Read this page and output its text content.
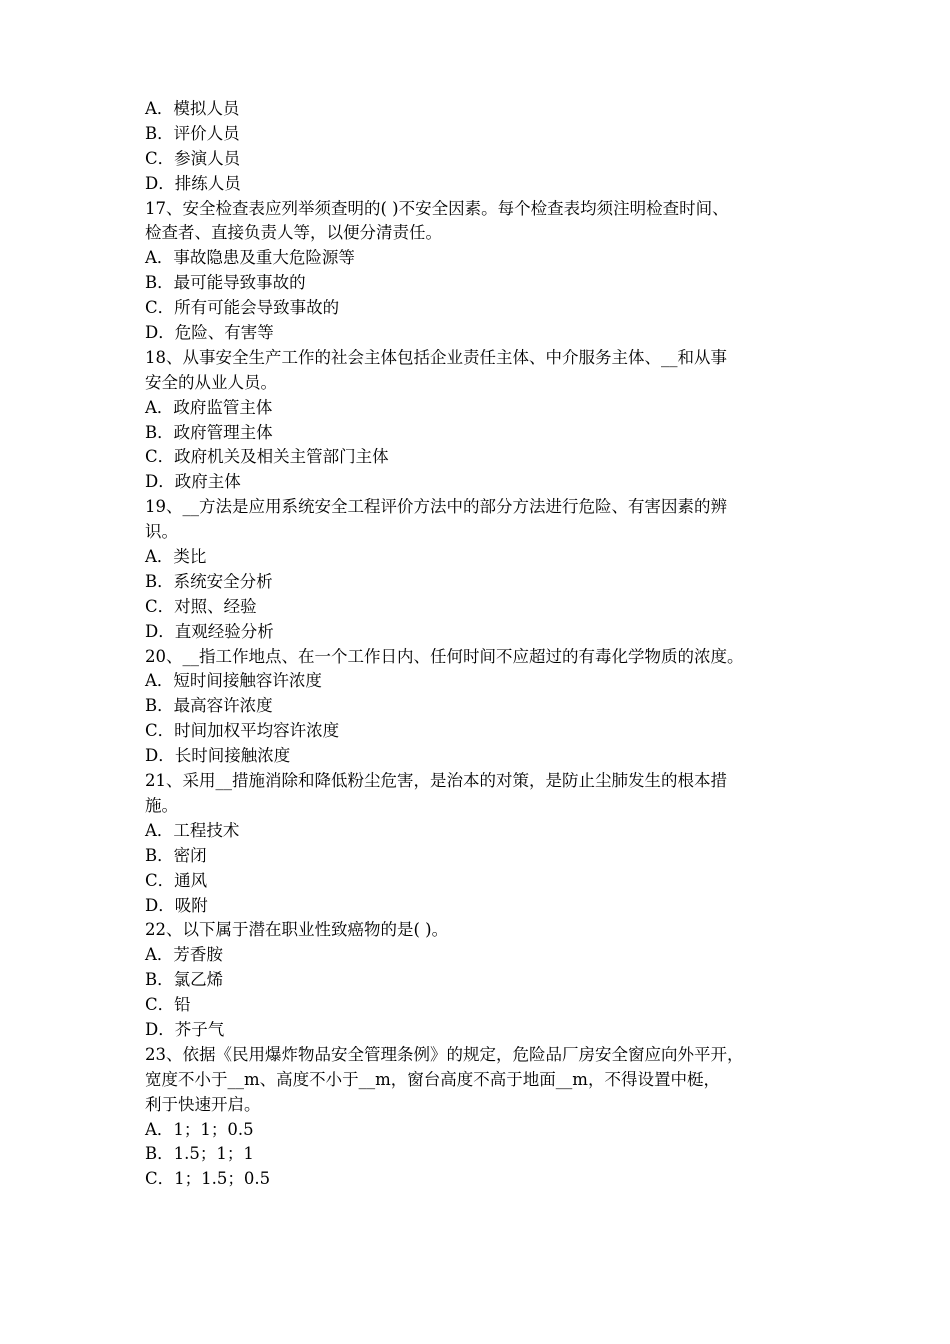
A．模拟人员
B．评价人员
C．参演人员
D．排练人员
17、安全检查表应列举须查明的( )不安全因素。每个检查表均须注明检查时间、
检查者、直接负责人等，以便分清责任。
A．事故隐患及重大危险源等
B．最可能导致事故的
C．所有可能会导致事故的
D．危险、有害等
18、从事安全生产工作的社会主体包括企业责任主体、中介服务主体、__和从事
安全的从业人员。
A．政府监管主体
B．政府管理主体
C．政府机关及相关主管部门主体
D．政府主体
19、__方法是应用系统安全工程评价方法中的部分方法进行危险、有害因素的辨
识。
A．类比
B．系统安全分析
C．对照、经验
D．直观经验分析
20、__指工作地点、在一个工作日内、任何时间不应超过的有毒化学物质的浓度。
A．短时间接触容许浓度
B．最高容许浓度
C．时间加权平均容许浓度
D．长时间接触浓度
21、采用__措施消除和降低粉尘危害，是治本的对策，是防止尘肺发生的根本措
施。
A．工程技术
B．密闭
C．通风
D．吸附
22、以下属于潜在职业性致癌物的是( )。
A．芳香胺
B．氯乙烯
C．铅
D．芥子气
23、依据《民用爆炸物品安全管理条例》的规定，危险品厂房安全窗应向外平开，
宽度不小于__m、高度不小于__m，窗台高度不高于地面__m，不得设置中梃，
利于快速开启。
A．1；1；0.5
B．1.5；1；1
C．1；1.5；0.5
